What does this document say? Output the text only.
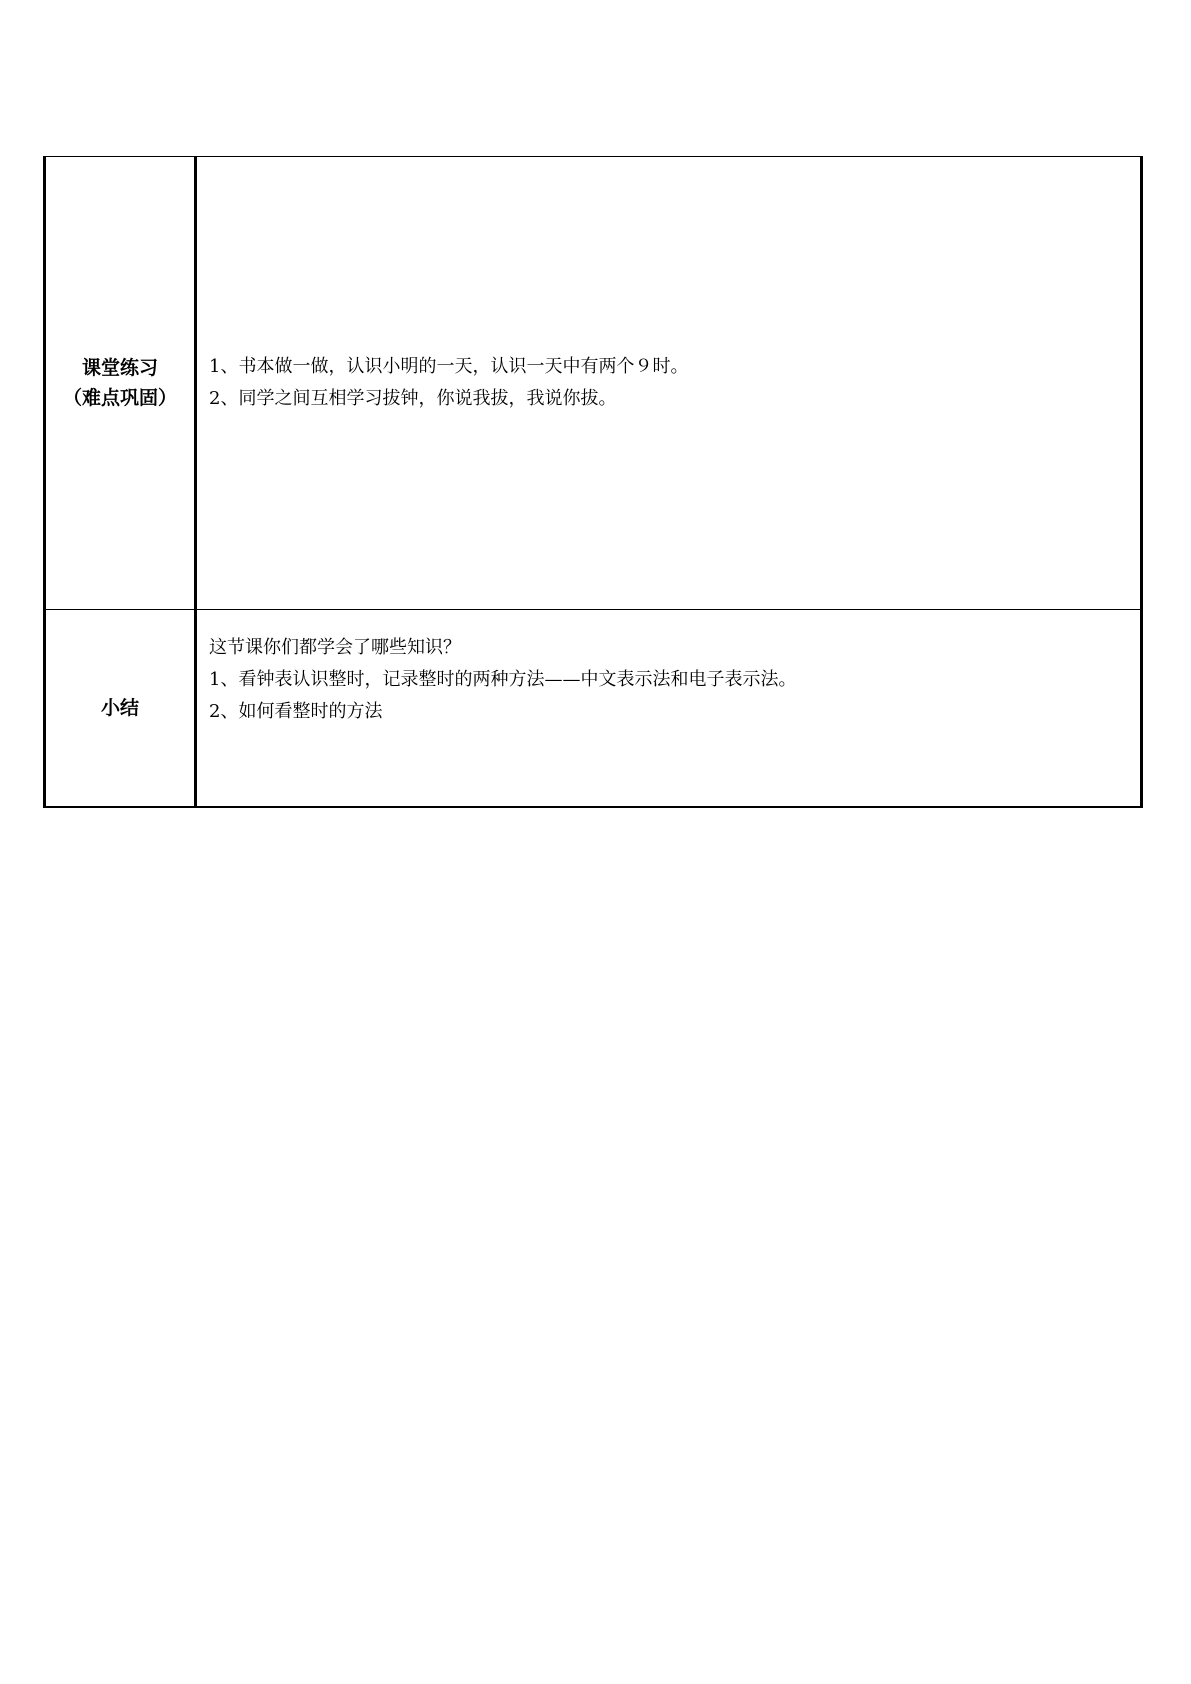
课堂练习
（难点巩固）	1、书本做一做，认识小明的一天，认识一天中有两个９时。
2、同学之间互相学习拔钟，你说我拔，我说你拔。

小结	这节课你们都学会了哪些知识？
1、看钟表认识整时，记录整时的两种方法——中文表示法和电子表示法。
2、如何看整时的方法
